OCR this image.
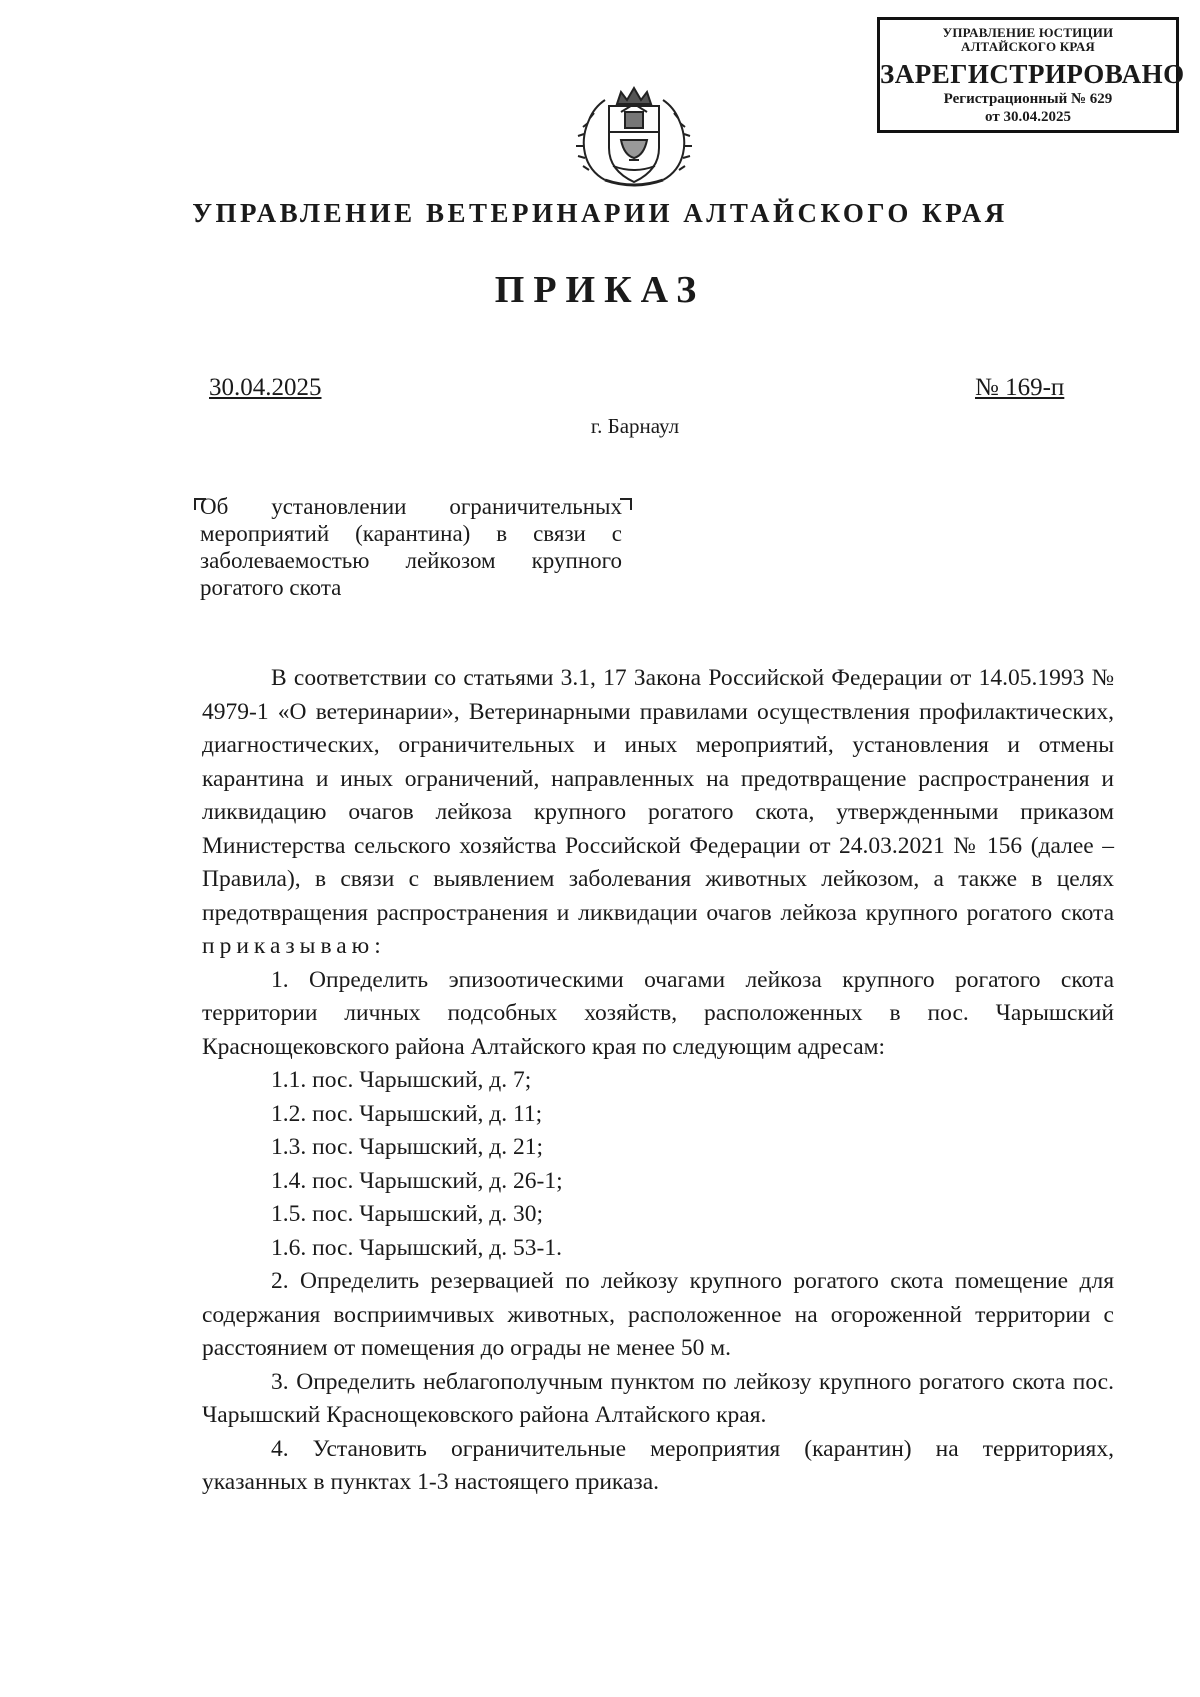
УПРАВЛЕНИЕ ЮСТИЦИИ
АЛТАЙСКОГО КРАЯ
ЗАРЕГИСТРИРОВАНО
Регистрационный № 629
от 30.04.2025
УПРАВЛЕНИЕ ВЕТЕРИНАРИИ АЛТАЙСКОГО КРАЯ
ПРИКАЗ
30.04.2025	№ 169-п
г. Барнаул
Об установлении ограничительных мероприятий (карантина) в связи с заболеваемостью лейкозом крупного рогатого скота

В соответствии со статьями 3.1, 17 Закона Российской Федерации от 14.05.1993 № 4979-1 «О ветеринарии», Ветеринарными правилами осуществления профилактических, диагностических, ограничительных и иных мероприятий, установления и отмены карантина и иных ограничений, направленных на предотвращение распространения и ликвидацию очагов лейкоза крупного рогатого скота, утвержденными приказом Министерства сельского хозяйства Российской Федерации от 24.03.2021 № 156 (далее – Правила), в связи с выявлением заболевания животных лейкозом, а также в целях предотвращения распространения и ликвидации очагов лейкоза крупного рогатого скота приказываю:

1. Определить эпизоотическими очагами лейкоза крупного рогатого скота территории личных подсобных хозяйств, расположенных в пос. Чарышский Краснощековского района Алтайского края по следующим адресам:

1.1. пос. Чарышский, д. 7;

1.2. пос. Чарышский, д. 11;

1.3. пос. Чарышский, д. 21;

1.4. пос. Чарышский, д. 26-1;

1.5. пос. Чарышский, д. 30;

1.6. пос. Чарышский, д. 53-1.

2. Определить резервацией по лейкозу крупного рогатого скота помещение для содержания восприимчивых животных, расположенное на огороженной территории с расстоянием от помещения до ограды не менее 50 м.

3. Определить неблагополучным пунктом по лейкозу крупного рогатого скота пос. Чарышский Краснощековского района Алтайского края.

4. Установить ограничительные мероприятия (карантин) на территориях, указанных в пунктах 1-3 настоящего приказа.
